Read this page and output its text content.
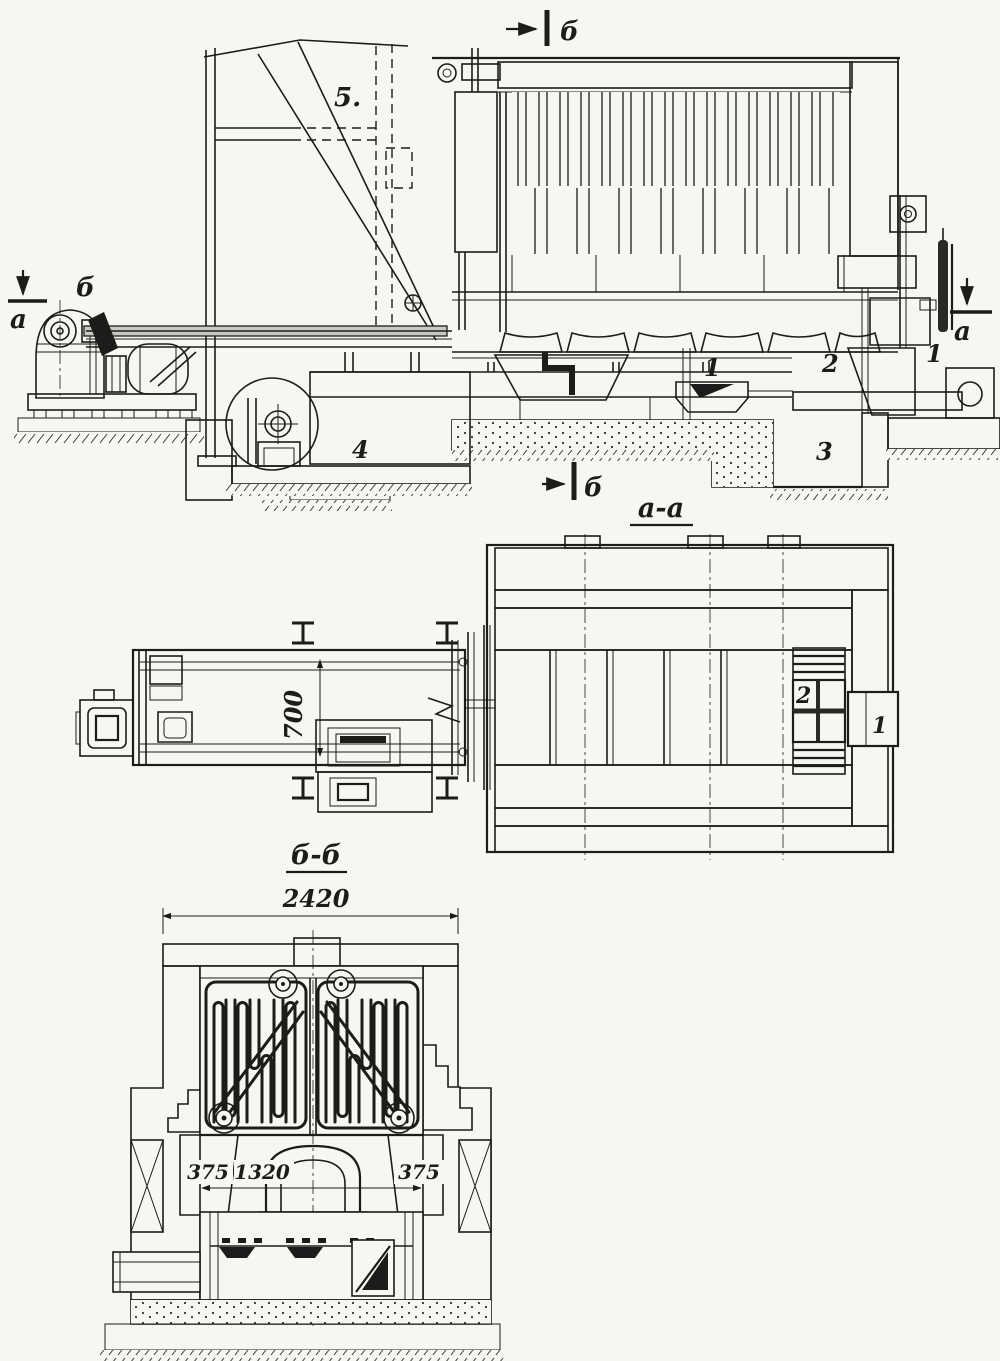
б
5.
а
б
1	2
3
4
а
1
б
а-а
2
1
700
б-б
2420
375 1320	375
